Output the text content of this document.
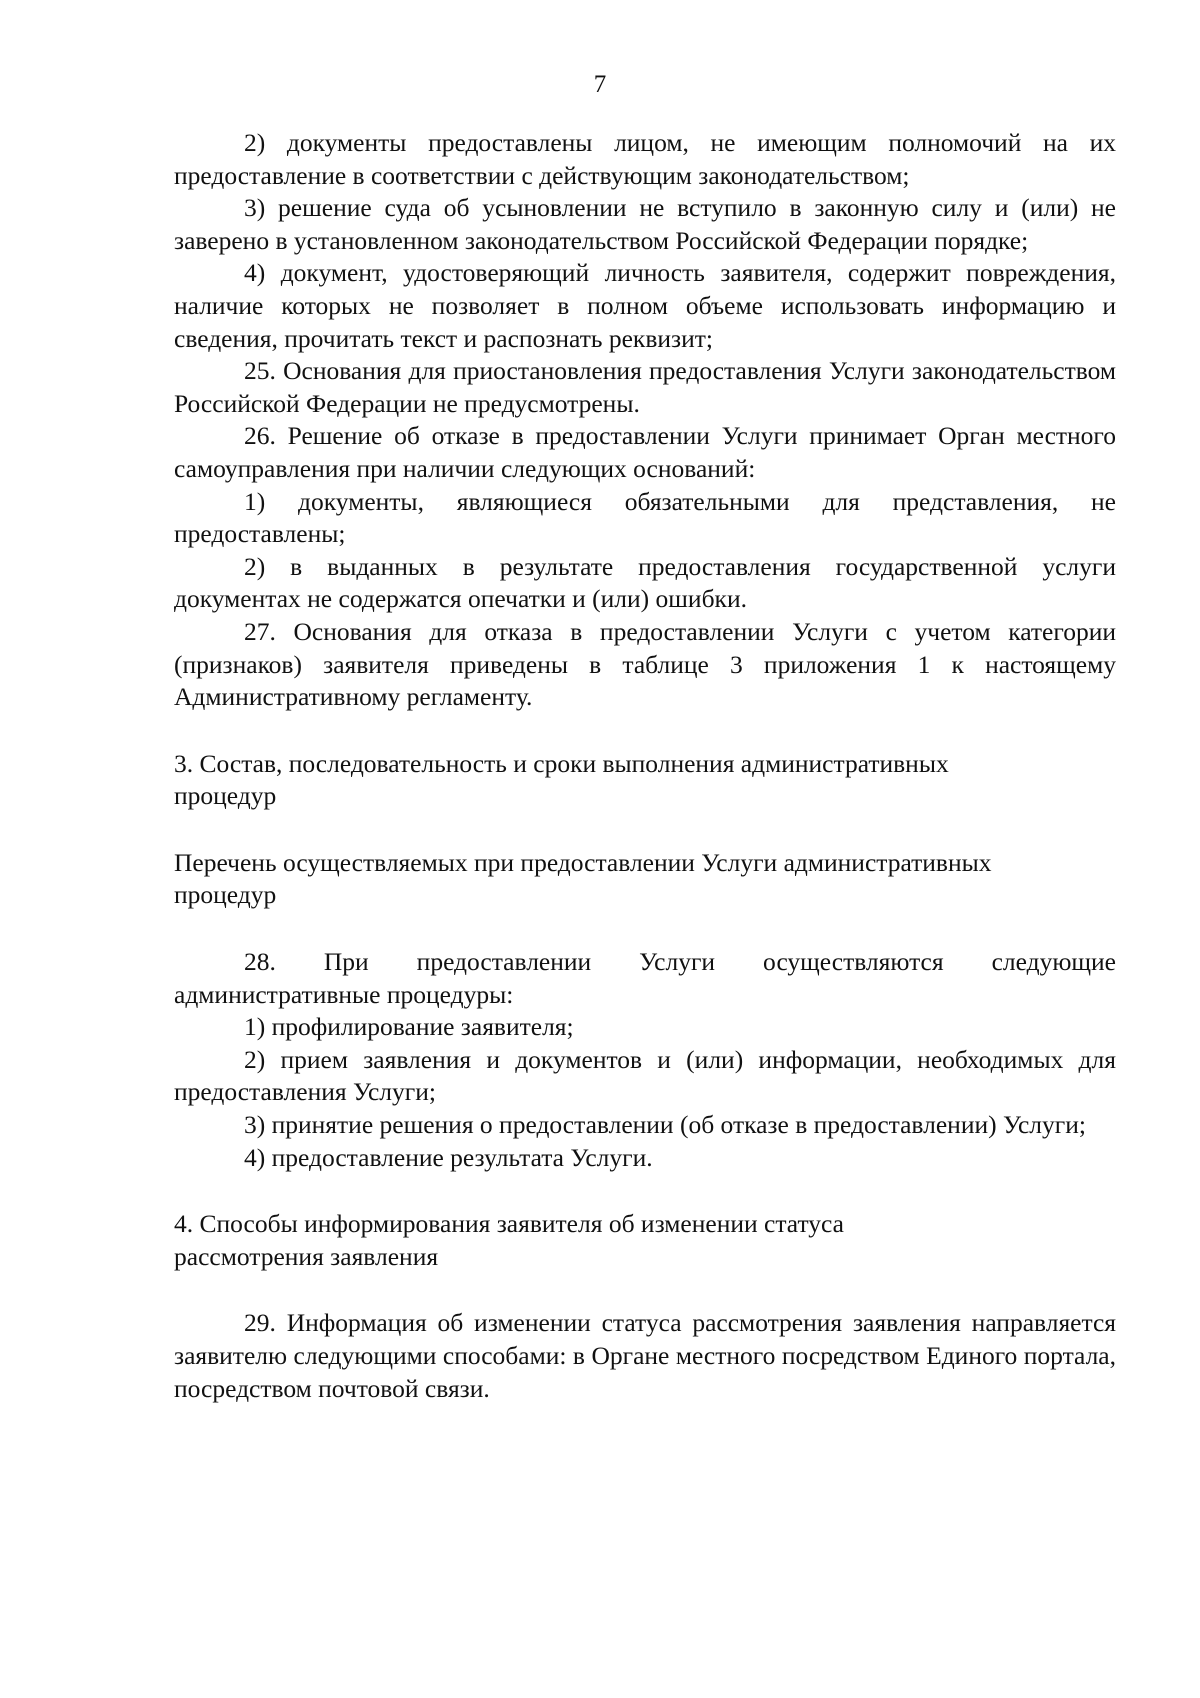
7

2) документы предоставлены лицом, не имеющим полномочий на их предоставление в соответствии с действующим законодательством;

3) решение суда об усыновлении не вступило в законную силу и (или) не заверено в установленном законодательством Российской Федерации порядке;

4) документ, удостоверяющий личность заявителя, содержит повреждения, наличие которых не позволяет в полном объеме использовать информацию и сведения, прочитать текст и распознать реквизит;

25. Основания для приостановления предоставления Услуги законодательством Российской Федерации не предусмотрены.

26. Решение об отказе в предоставлении Услуги принимает Орган местного самоуправления при наличии следующих оснований:

1) документы, являющиеся обязательными для представления, не предоставлены;

2) в выданных в результате предоставления государственной услуги документах не содержатся опечатки и (или) ошибки.

27. Основания для отказа в предоставлении Услуги с учетом категории (признаков) заявителя приведены в таблице 3 приложения 1 к настоящему Административному регламенту.

3. Состав, последовательность и сроки выполнения административных
процедур

Перечень осуществляемых при предоставлении Услуги административных
процедур

28. При предоставлении Услуги осуществляются следующие административные процедуры:

1) профилирование заявителя;

2) прием заявления и документов и (или) информации, необходимых для предоставления Услуги;

3) принятие решения о предоставлении (об отказе в предоставлении) Услуги;

4) предоставление результата Услуги.

4. Способы информирования заявителя об изменении статуса
рассмотрения заявления

29. Информация об изменении статуса рассмотрения заявления направляется заявителю следующими способами: в Органе местного посредством Единого портала, посредством почтовой связи.
